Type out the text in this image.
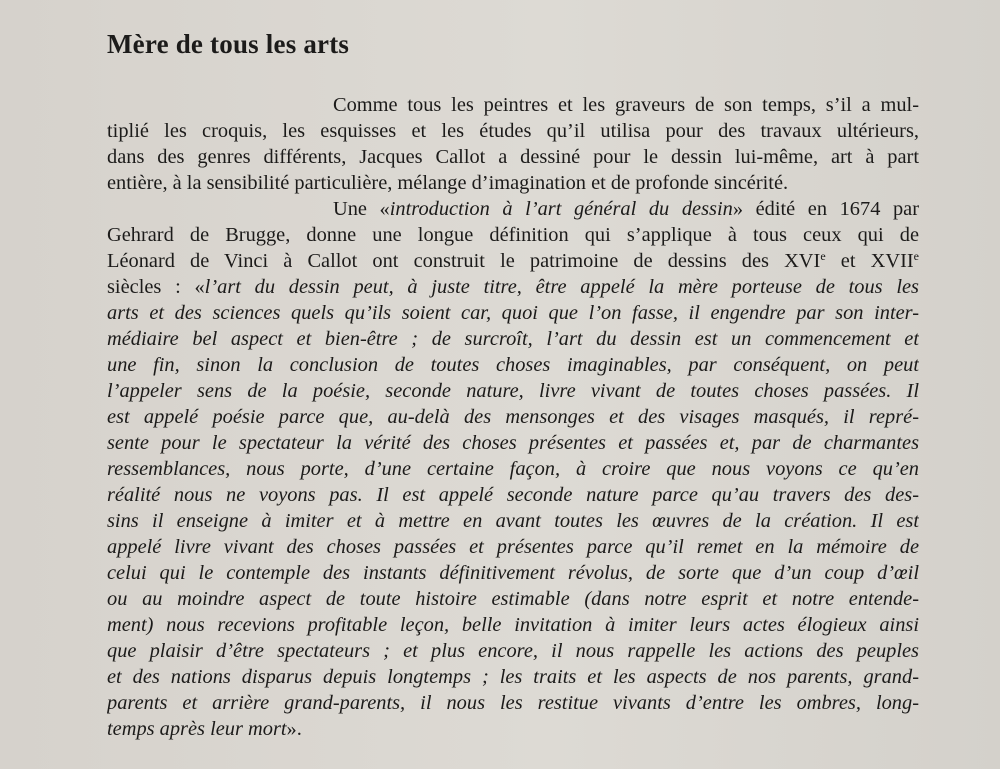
Mère de tous les arts
Comme tous les peintres et les graveurs de son temps, s’il a mul-
tiplié les croquis, les esquisses et les études qu’il utilisa pour des travaux ultérieurs,
dans des genres différents, Jacques Callot a dessiné pour le dessin lui-même, art à part
entière, à la sensibilité particulière, mélange d’imagination et de profonde sincérité.
Une «introduction à l’art général du dessin» édité en 1674 par
Gehrard de Brugge, donne une longue définition qui s’applique à tous ceux qui de
Léonard de Vinci à Callot ont construit le patrimoine de dessins des XVIe et XVIIe
siècles : «l’art du dessin peut, à juste titre, être appelé la mère porteuse de tous les
arts et des sciences quels qu’ils soient car, quoi que l’on fasse, il engendre par son inter-
médiaire bel aspect et bien-être ; de surcroît, l’art du dessin est un commencement et
une fin, sinon la conclusion de toutes choses imaginables, par conséquent, on peut
l’appeler sens de la poésie, seconde nature, livre vivant de toutes choses passées. Il
est appelé poésie parce que, au-delà des mensonges et des visages masqués, il repré-
sente pour le spectateur la vérité des choses présentes et passées et, par de charmantes
ressemblances, nous porte, d’une certaine façon, à croire que nous voyons ce qu’en
réalité nous ne voyons pas. Il est appelé seconde nature parce qu’au travers des des-
sins il enseigne à imiter et à mettre en avant toutes les œuvres de la création. Il est
appelé livre vivant des choses passées et présentes parce qu’il remet en la mémoire de
celui qui le contemple des instants définitivement révolus, de sorte que d’un coup d’œil
ou au moindre aspect de toute histoire estimable (dans notre esprit et notre entende-
ment) nous recevions profitable leçon, belle invitation à imiter leurs actes élogieux ainsi
que plaisir d’être spectateurs ; et plus encore, il nous rappelle les actions des peuples
et des nations disparus depuis longtemps ; les traits et les aspects de nos parents, grand-
parents et arrière grand-parents, il nous les restitue vivants d’entre les ombres, long-
temps après leur mort».
